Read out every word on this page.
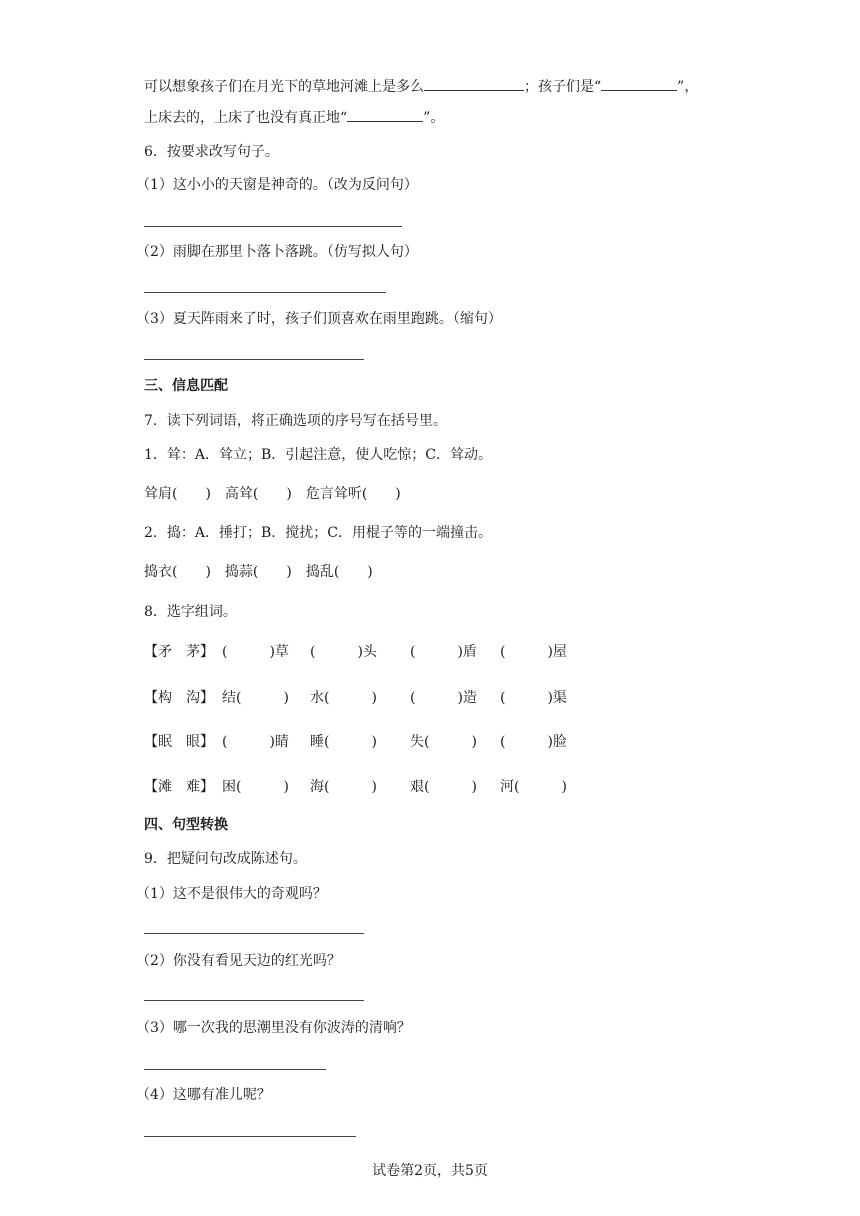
可以想象孩子们在月光下的草地河滩上是多么	；孩子们是“	”，
上床去的，上床了也没有真正地“	”。
6．按要求改写句子。
（1）这小小的天窗是神奇的。（改为反问句）
（2）雨脚在那里卜落卜落跳。（仿写拟人句）
（3）夏天阵雨来了时，孩子们顶喜欢在雨里跑跳。（缩句）
三、信息匹配
7．读下列词语，将正确选项的序号写在括号里。
1．耸：A．耸立；B．引起注意，使人吃惊；C．耸动。
耸肩(　　)　高耸(　　)　危言耸听(　　)
2．捣：A．捶打；B．搅扰；C．用棍子等的一端撞击。
捣衣(　　)　捣蒜(　　)　捣乱(　　)
8．选字组词。
【矛　茅】 (　　　)草 (　　　)头 (　　　)盾 (　　　)屋
【构　沟】 结(　　　) 水(　　　) (　　　)造 (　　　)渠
【眠　眼】 (　　　)睛 睡(　　　) 失(　　　) (　　　)脸
【滩　难】 困(　　　) 海(　　　) 艰(　　　) 河(　　　)
四、句型转换
9．把疑问句改成陈述句。
（1）这不是很伟大的奇观吗？
（2）你没有看见天边的红光吗？
（3）哪一次我的思潮里没有你波涛的清响？
（4）这哪有准儿呢？
试卷第2页，共5页
